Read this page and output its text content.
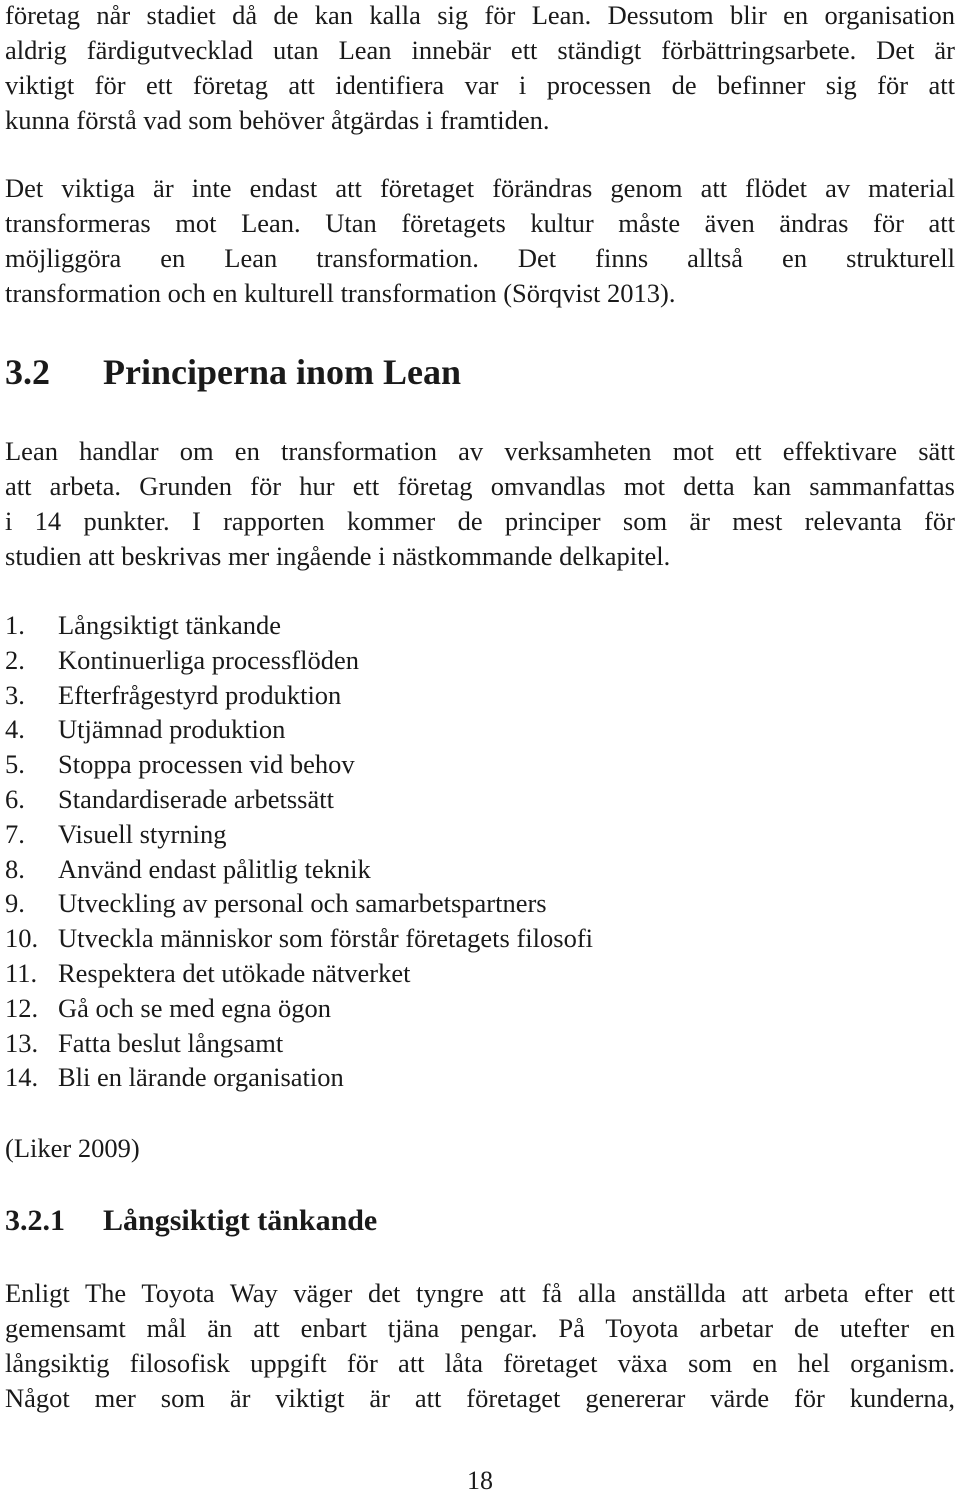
företag når stadiet då de kan kalla sig för Lean. Dessutom blir en organisation
aldrig färdigutvecklad utan Lean innebär ett ständigt förbättringsarbete. Det är
viktigt för ett företag att identifiera var i processen de befinner sig för att
kunna förstå vad som behöver åtgärdas i framtiden.
Det viktiga är inte endast att företaget förändras genom att flödet av material
transformeras mot Lean. Utan företagets kultur måste även ändras för att
möjliggöra en Lean transformation. Det finns alltså en strukturell
transformation och en kulturell transformation (Sörqvist 2013).
3.2	Principerna inom Lean
Lean handlar om en transformation av verksamheten mot ett effektivare sätt
att arbeta. Grunden för hur ett företag omvandlas mot detta kan sammanfattas
i 14 punkter. I rapporten kommer de principer som är mest relevanta för
studien att beskrivas mer ingående i nästkommande delkapitel.
1.	Långsiktigt tänkande
2.	Kontinuerliga processflöden
3.	Efterfrågestyrd produktion
4.	Utjämnad produktion
5.	Stoppa processen vid behov
6.	Standardiserade arbetssätt
7.	Visuell styrning
8.	Använd endast pålitlig teknik
9.	Utveckling av personal och samarbetspartners
10. Utveckla människor som förstår företagets filosofi
11. Respektera det utökade nätverket
12. Gå och se med egna ögon
13. Fatta beslut långsamt
14. Bli en lärande organisation
(Liker 2009)
3.2.1	Långsiktigt tänkande
Enligt The Toyota Way väger det tyngre att få alla anställda att arbeta efter ett
gemensamt mål än att enbart tjäna pengar. På Toyota arbetar de utefter en
långsiktig filosofisk uppgift för att låta företaget växa som en hel organism.
Något mer som är viktigt är att företaget genererar värde för kunderna,
18
